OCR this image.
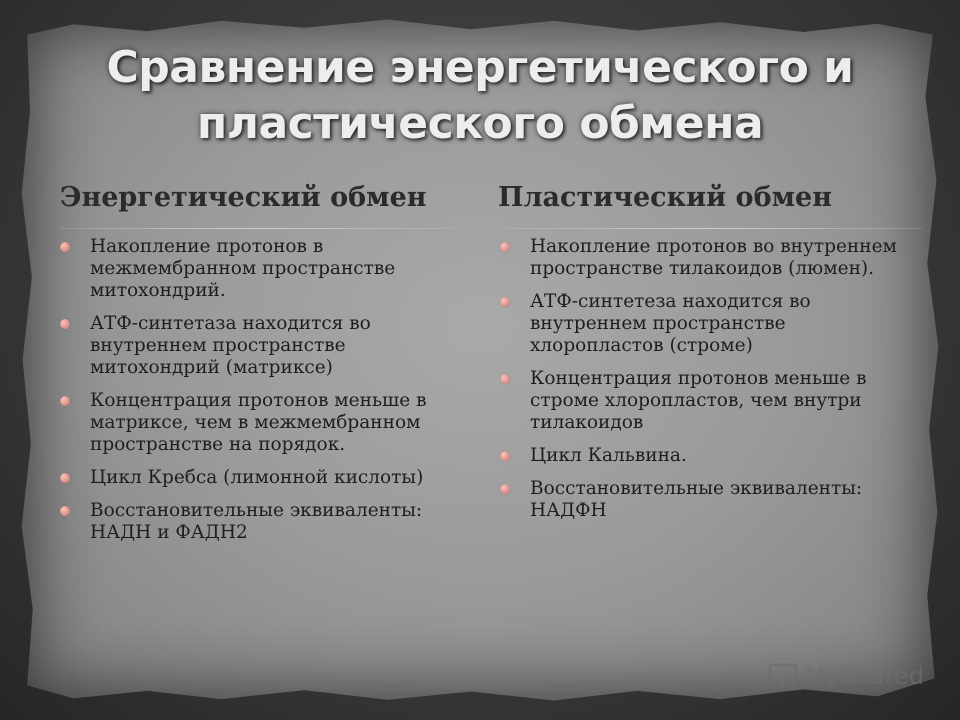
Сравнение энергетического и пластического обмена
Энергетический обмен	Пластический обмен
Накопление протонов в межмембранном пространстве митохондрий.
АТФ-синтетаза находится во внутреннем пространстве митохондрий (матриксе)
Концентрация протонов меньше в матриксе, чем в межмембранном пространстве на порядок.
Цикл Кребса (лимонной кислоты)
Восстановительные эквиваленты: НАДН и ФАДН2
Накопление протонов во внутреннем пространстве тилакоидов (люмен).
АТФ-синтетеза находится во внутреннем пространстве хлоропластов (строме)
Концентрация протонов меньше в строме хлоропластов, чем внутри тилакоидов
Цикл Кальвина.
Восстановительные эквиваленты: НАДФН
MyShared
